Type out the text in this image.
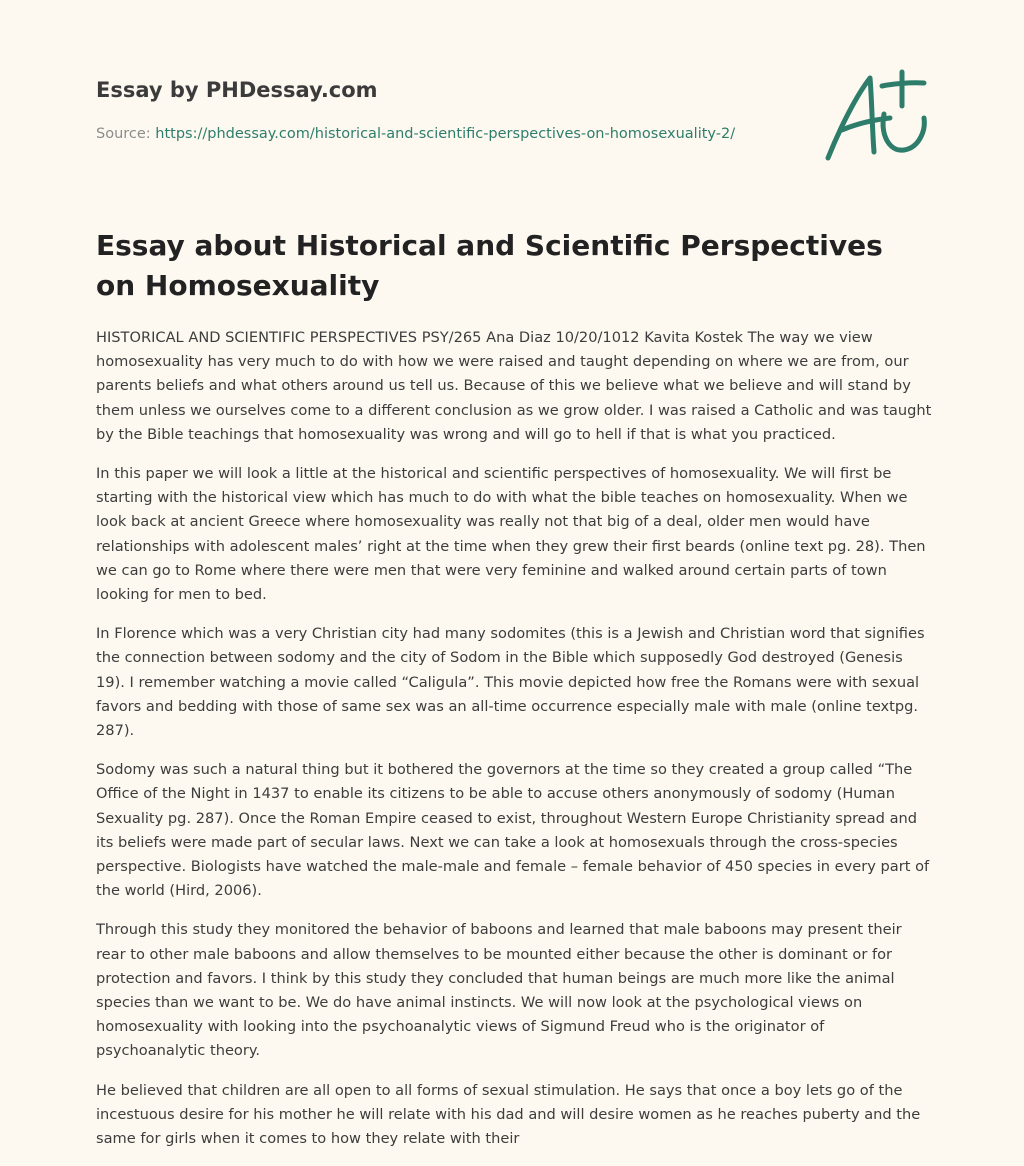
Essay by PHDessay.com

Source: https://phdessay.com/historical-and-scientific-perspectives-on-homosexuality-2/
Essay about Historical and Scientific Perspectives on Homosexuality

HISTORICAL AND SCIENTIFIC PERSPECTIVES PSY/265 Ana Diaz 10/20/1012 Kavita Kostek The way we view homosexuality has very much to do with how we were raised and taught depending on where we are from, our parents beliefs and what others around us tell us. Because of this we believe what we believe and will stand by them unless we ourselves come to a different conclusion as we grow older. I was raised a Catholic and was taught by the Bible teachings that homosexuality was wrong and will go to hell if that is what you practiced.

In this paper we will look a little at the historical and scientific perspectives of homosexuality. We will first be starting with the historical view which has much to do with what the bible teaches on homosexuality. When we look back at ancient Greece where homosexuality was really not that big of a deal, older men would have relationships with adolescent males’ right at the time when they grew their first beards (online text pg. 28). Then we can go to Rome where there were men that were very feminine and walked around certain parts of town looking for men to bed.

In Florence which was a very Christian city had many sodomites (this is a Jewish and Christian word that signifies the connection between sodomy and the city of Sodom in the Bible which supposedly God destroyed (Genesis 19). I remember watching a movie called “Caligula”. This movie depicted how free the Romans were with sexual favors and bedding with those of same sex was an all-time occurrence especially male with male (online textpg. 287).

Sodomy was such a natural thing but it bothered the governors at the time so they created a group called “The Office of the Night in 1437 to enable its citizens to be able to accuse others anonymously of sodomy (Human Sexuality pg. 287). Once the Roman Empire ceased to exist, throughout Western Europe Christianity spread and its beliefs were made part of secular laws. Next we can take a look at homosexuals through the cross-species perspective. Biologists have watched the male-male and female – female behavior of 450 species in every part of the world (Hird, 2006).

Through this study they monitored the behavior of baboons and learned that male baboons may present their rear to other male baboons and allow themselves to be mounted either because the other is dominant or for protection and favors. I think by this study they concluded that human beings are much more like the animal species than we want to be. We do have animal instincts. We will now look at the psychological views on homosexuality with looking into the psychoanalytic views of Sigmund Freud who is the originator of psychoanalytic theory.

He believed that children are all open to all forms of sexual stimulation. He says that once a boy lets go of the incestuous desire for his mother he will relate with his dad and will desire women as he reaches puberty and the same for girls when it comes to how they relate with their
